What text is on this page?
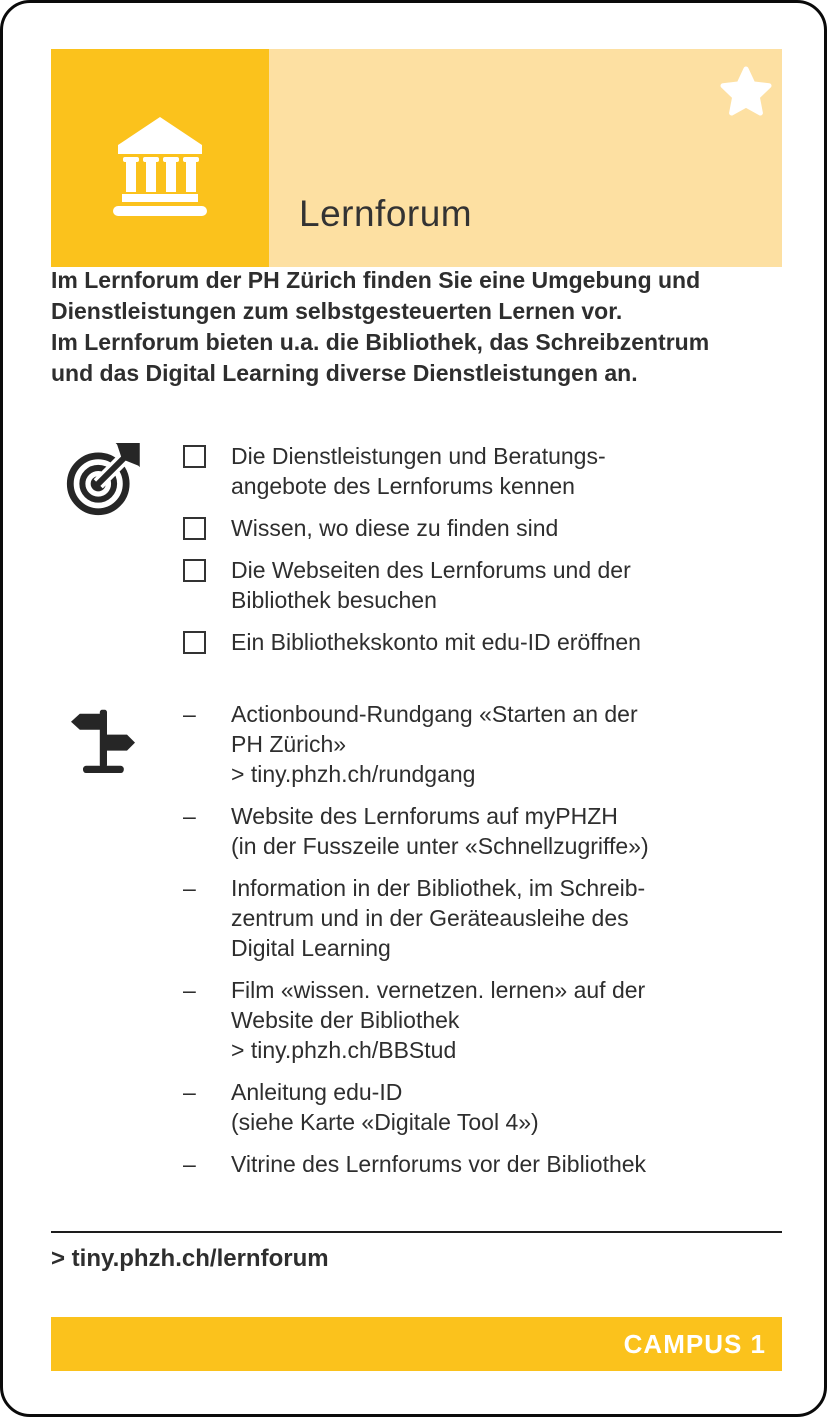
Lernforum
Im Lernforum der PH Zürich finden Sie eine Umgebung und
Dienstleistungen zum selbstgesteuerten Lernen vor.
Im Lernforum bieten u.a. die Bibliothek, das Schreibzentrum
und das Digital Learning diverse Dienstleistungen an.
Die Dienstleistungen und Beratungs-
angebote des Lernforums kennen
Wissen, wo diese zu finden sind
Die Webseiten des Lernforums und der
Bibliothek besuchen
Ein Bibliothekskonto mit edu-ID eröffnen
–	Actionbound-Rundgang «Starten an der
PH Zürich»
> tiny.phzh.ch/rundgang
–	Website des Lernforums auf myPHZH
(in der Fusszeile unter «Schnellzugriffe»)
–	Information in der Bibliothek, im Schreib-
zentrum und in der Geräteausleihe des
Digital Learning
–	Film «wissen. vernetzen. lernen» auf der
Website der Bibliothek
> tiny.phzh.ch/BBStud
–	Anleitung edu-ID
(siehe Karte «Digitale Tool 4»)
–	Vitrine des Lernforums vor der Bibliothek
> tiny.phzh.ch/lernforum
CAMPUS 1
